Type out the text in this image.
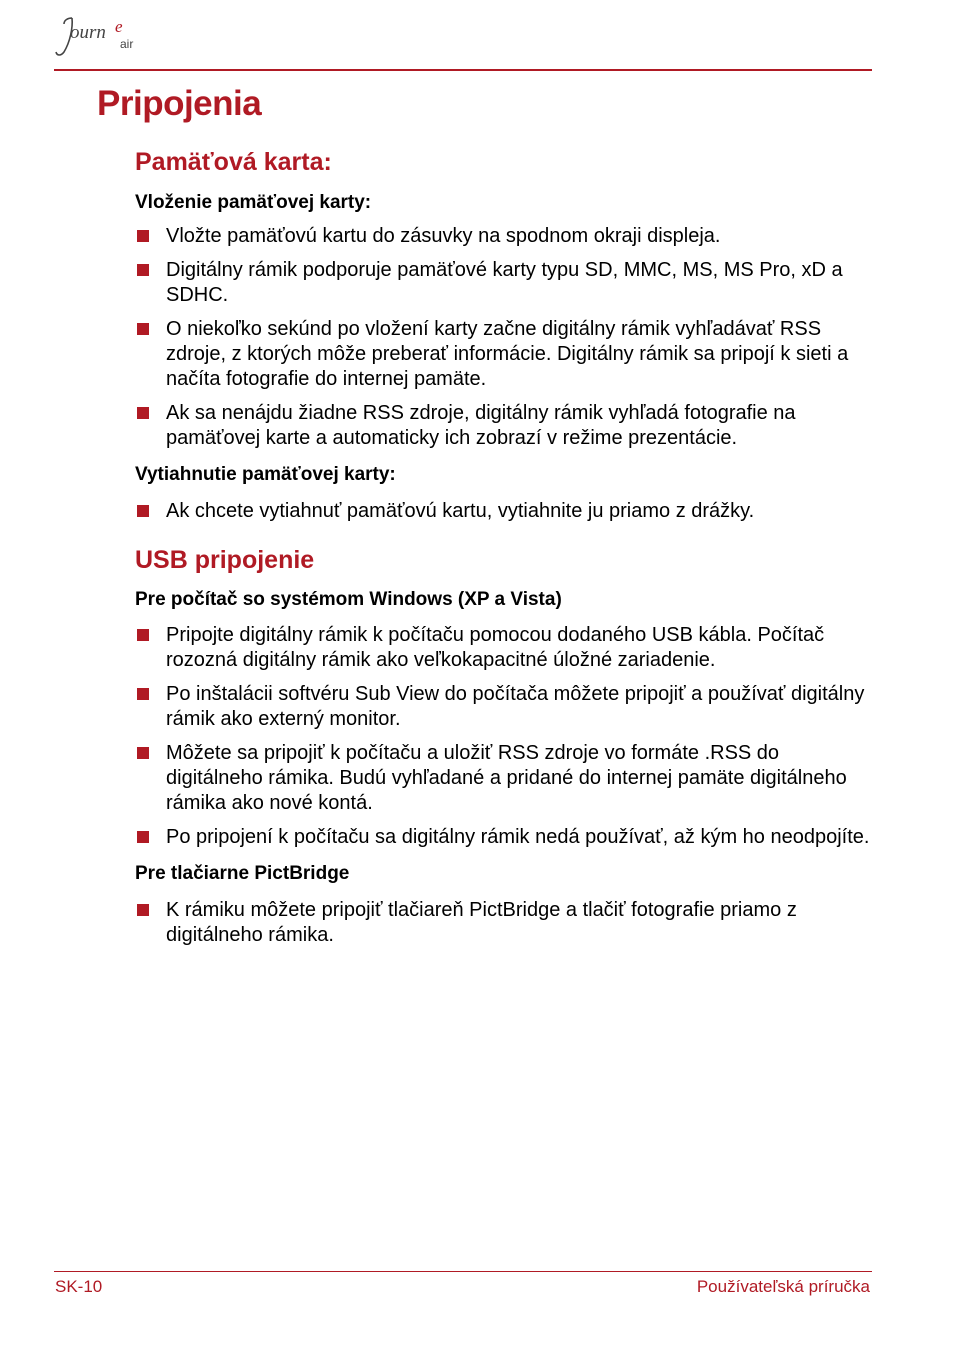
ourn e
air
Pripojenia
Pamäťová karta:
Vloženie pamäťovej karty:
Vložte pamäťovú kartu do zásuvky na spodnom okraji displeja.
Digitálny rámik podporuje pamäťové karty typu SD, MMC, MS, MS Pro, xD a SDHC.
O niekoľko sekúnd po vložení karty začne digitálny rámik vyhľadávať RSS zdroje, z ktorých môže preberať informácie. Digitálny rámik sa pripojí k sieti a načíta fotografie do internej pamäte.
Ak sa nenájdu žiadne RSS zdroje, digitálny rámik vyhľadá fotografie na pamäťovej karte a automaticky ich zobrazí v režime prezentácie.
Vytiahnutie pamäťovej karty:
Ak chcete vytiahnuť pamäťovú kartu, vytiahnite ju priamo z drážky.
USB pripojenie
Pre počítač so systémom Windows (XP a Vista)
Pripojte digitálny rámik k počítaču pomocou dodaného USB kábla. Počítač rozozná digitálny rámik ako veľkokapacitné úložné zariadenie.
Po inštalácii softvéru Sub View do počítača môžete pripojiť a používať digitálny rámik ako externý monitor.
Môžete sa pripojiť k počítaču a uložiť RSS zdroje vo formáte .RSS do digitálneho rámika. Budú vyhľadané a pridané do internej pamäte digitálneho rámika ako nové kontá.
Po pripojení k počítaču sa digitálny rámik nedá používať, až kým ho neodpojíte.
Pre tlačiarne PictBridge
K rámiku môžete pripojiť tlačiareň PictBridge a tlačiť fotografie priamo z digitálneho rámika.
SK-10	Používateľská príručka
